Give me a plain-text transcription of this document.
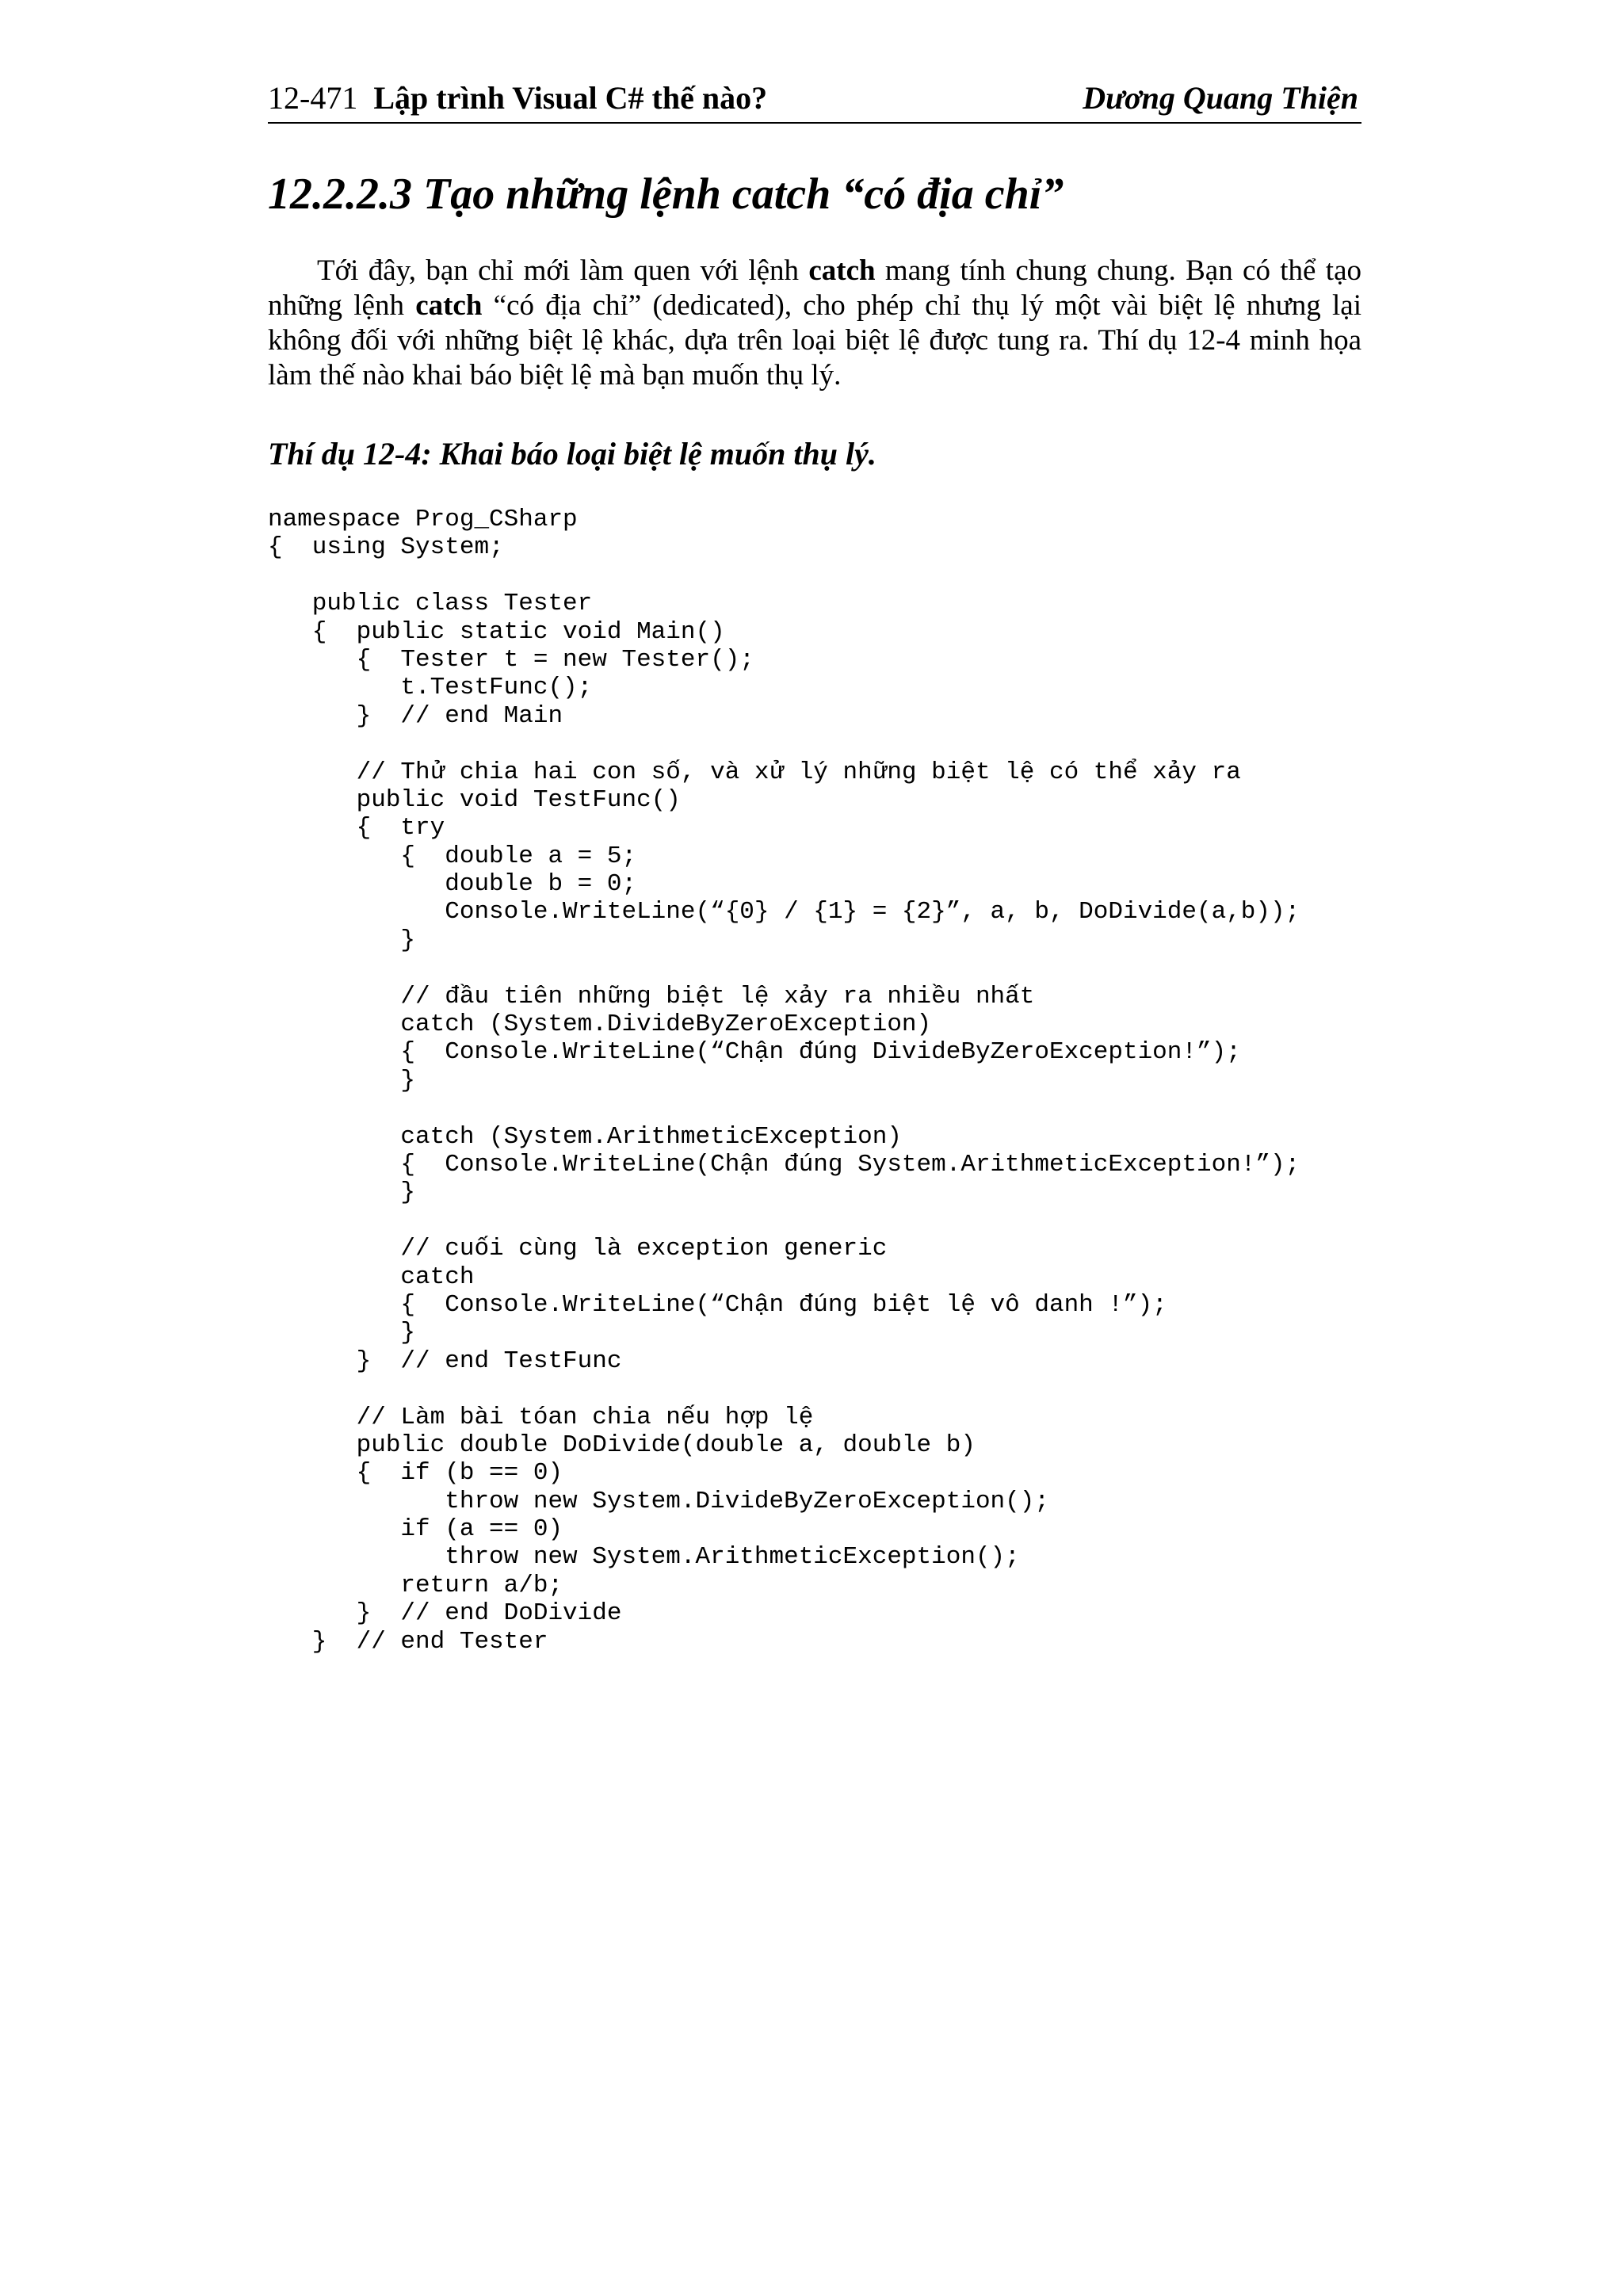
12-471 Lập trình Visual C# thế nào?	Dương Quang Thiện
12.2.2.3 Tạo những lệnh catch “có địa chỉ”

Tới đây, bạn chỉ mới làm quen với lệnh catch mang tính chung chung. Bạn có thể tạo những lệnh catch “có địa chỉ” (dedicated), cho phép chỉ thụ lý một vài biệt lệ nhưng lại không đối với những biệt lệ khác, dựa trên loại biệt lệ được tung ra. Thí dụ 12-4 minh họa làm thế nào khai báo biệt lệ mà bạn muốn thụ lý.

Thí dụ 12-4: Khai báo loại biệt lệ muốn thụ lý.
namespace Prog_CSharp
{  using System;
public class Tester
{  public static void Main()
{  Tester t = new Tester();
t.TestFunc();
}  // end Main
// Thử chia hai con số, và xử lý những biệt lệ có thể xảy ra
public void TestFunc()
{  try
{  double a = 5;
double b = 0;
Console.WriteLine(“{0} / {1} = {2}”, a, b, DoDivide(a,b));
}
// đầu tiên những biệt lệ xảy ra nhiều nhất
catch (System.DivideByZeroException)
{  Console.WriteLine(“Chận đúng DivideByZeroException!”);
}
catch (System.ArithmeticException)
{  Console.WriteLine(Chận đúng System.ArithmeticException!”);
}
// cuối cùng là exception generic
catch
{  Console.WriteLine(“Chận đúng biệt lệ vô danh !”);
}
}  // end TestFunc
// Làm bài tóan chia nếu hợp lệ
public double DoDivide(double a, double b)
{  if (b == 0)
throw new System.DivideByZeroException();
if (a == 0)
throw new System.ArithmeticException();
return a/b;
}  // end DoDivide
}  // end Tester
